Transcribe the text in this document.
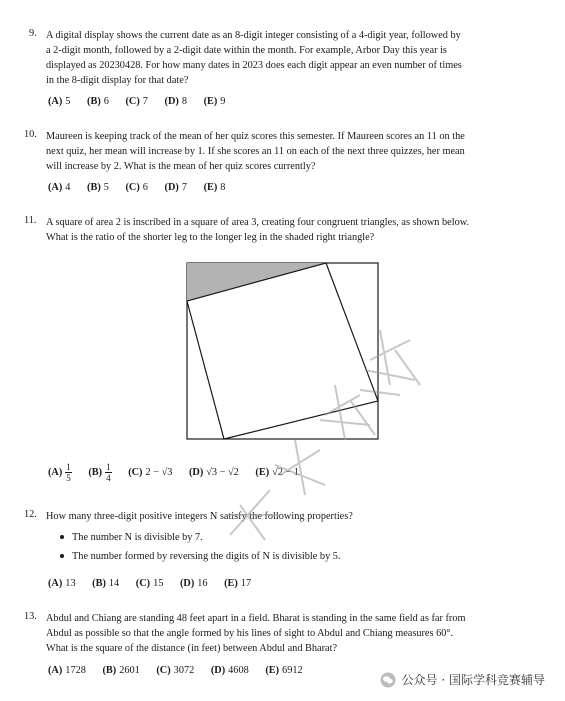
9. A digital display shows the current date as an 8-digit integer consisting of a 4-digit year, followed by
a 2-digit month, followed by a 2-digit date within the month. For example, Arbor Day this year is
displayed as 20230428. For how many dates in 2023 does each digit appear an even number of times
in the 8-digit display for that date?
(A) 5 (B) 6 (C) 7 (D) 8 (E) 9
10. Maureen is keeping track of the mean of her quiz scores this semester. If Maureen scores an 11 on the
next quiz, her mean will increase by 1. If she scores an 11 on each of the next three quizzes, her mean
will increase by 2. What is the mean of her quiz scores currently?
(A) 4 (B) 5 (C) 6 (D) 7 (E) 8
11. A square of area 2 is inscribed in a square of area 3, creating four congruent triangles, as shown below.
What is the ratio of the shorter leg to the longer leg in the shaded right triangle?
$(A) \frac{1}{5} (B) \frac{1}{4} (C) 2 - √3$ (D) √3 − √2 (E) √2 − 1
12. How many three-digit positive integers N satisfy the following properties?
The number N is divisible by 7.
The number formed by reversing the digits of N is divisible by 5.
(A) 13 (B) 14 (C) 15 (D) 16 (E) 17
13. Abdul and Chiang are standing 48 feet apart in a field. Bharat is standing in the same field as far from
Abdul as possible so that the angle formed by his lines of sight to Abdul and Chiang measures 60°.
What is the square of the distance (in feet) between Abdul and Bharat?
(A) 1728 (B) 2601 (C) 3072 (D) 4608 (E) 6912
公众号 · 国际学科竞赛辅导
